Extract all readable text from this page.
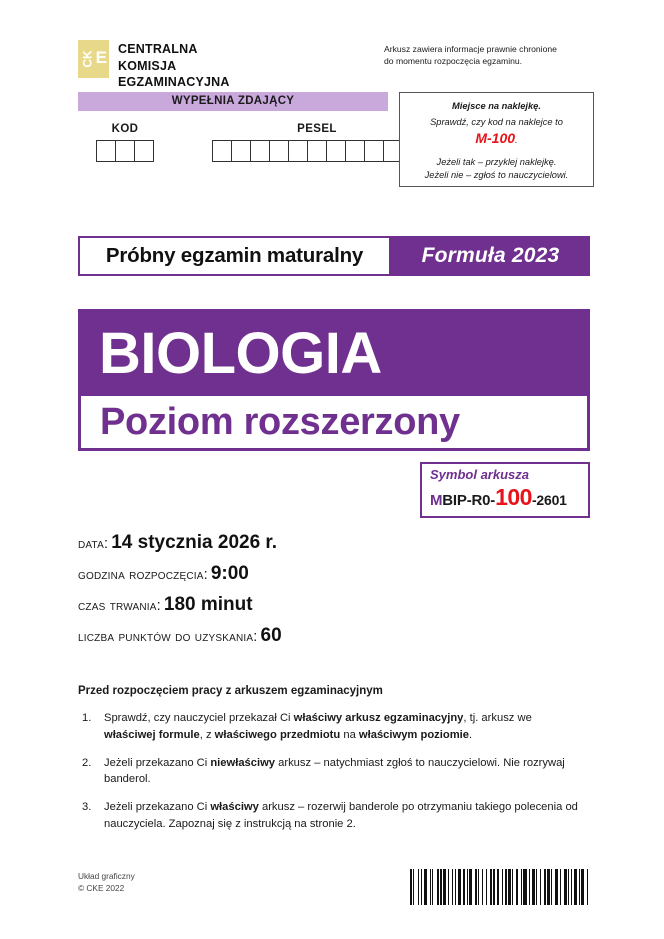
CK E CENTRALNA
KOMISJA
EGZAMINACYJNA
Arkusz zawiera informacje prawnie chronione
do momentu rozpoczęcia egzaminu.
WYPEŁNIA ZDAJĄCY
KOD	PESEL
Miejsce na naklejkę.
Sprawdź, czy kod na naklejce to
M-100.
Jeżeli tak – przyklej naklejkę.
Jeżeli nie – zgłoś to nauczycielowi.
Próbny egzamin maturalny	Formuła 2023
BIOLOGIA
Poziom rozszerzony
Symbol arkusza
MBIP-R0-100-2601
data: 14 stycznia 2026 r.
godzina rozpoczęcia: 9:00
czas trwania: 180 minut
liczba punktów do uzyskania: 60
Przed rozpoczęciem pracy z arkuszem egzaminacyjnym
1.	Sprawdź, czy nauczyciel przekazał Ci właściwy arkusz egzaminacyjny, tj. arkusz we właściwej formule, z właściwego przedmiotu na właściwym poziomie.
2.	Jeżeli przekazano Ci niewłaściwy arkusz – natychmiast zgłoś to nauczycielowi. Nie rozrywaj banderol.
3.	Jeżeli przekazano Ci właściwy arkusz – rozerwij banderole po otrzymaniu takiego polecenia od nauczyciela. Zapoznaj się z instrukcją na stronie 2.
Układ graficzny
© CKE 2022
